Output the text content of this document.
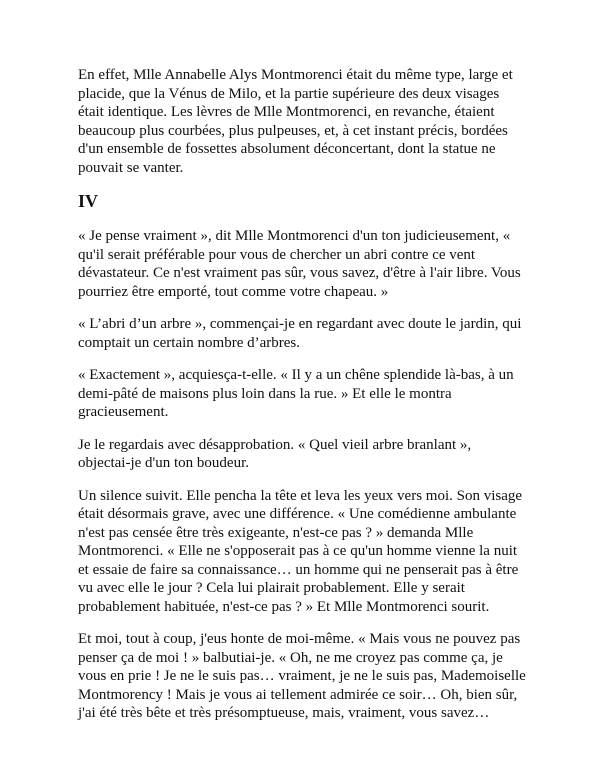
En effet, Mlle Annabelle Alys Montmorenci était du même type, large et placide, que la Vénus de Milo, et la partie supérieure des deux visages était identique. Les lèvres de Mlle Montmorenci, en revanche, étaient beaucoup plus courbées, plus pulpeuses, et, à cet instant précis, bordées d'un ensemble de fossettes absolument déconcertant, dont la statue ne pouvait se vanter.

IV

« Je pense vraiment », dit Mlle Montmorenci d'un ton judicieusement, « qu'il serait préférable pour vous de chercher un abri contre ce vent dévastateur. Ce n'est vraiment pas sûr, vous savez, d'être à l'air libre. Vous pourriez être emporté, tout comme votre chapeau. »

« L’abri d’un arbre », commençai-je en regardant avec doute le jardin, qui comptait un certain nombre d’arbres.

« Exactement », acquiesça-t-elle. « Il y a un chêne splendide là-bas, à un demi-pâté de maisons plus loin dans la rue. » Et elle le montra gracieusement.

Je le regardais avec désapprobation. « Quel vieil arbre branlant », objectai-je d'un ton boudeur.

Un silence suivit. Elle pencha la tête et leva les yeux vers moi. Son visage était désormais grave, avec une différence. « Une comédienne ambulante n'est pas censée être très exigeante, n'est-ce pas ? » demanda Mlle Montmorenci. « Elle ne s'opposerait pas à ce qu'un homme vienne la nuit et essaie de faire sa connaissance… un homme qui ne penserait pas à être vu avec elle le jour ? Cela lui plairait probablement. Elle y serait probablement habituée, n'est-ce pas ? » Et Mlle Montmorenci sourit.

Et moi, tout à coup, j'eus honte de moi-même. « Mais vous ne pouvez pas penser ça de moi ! » balbutiai-je. « Oh, ne me croyez pas comme ça, je vous en prie ! Je ne le suis pas… vraiment, je ne le suis pas, Mademoiselle Montmorency ! Mais je vous ai tellement admirée ce soir… Oh, bien sûr, j'ai été très bête et très présomptueuse, mais, vraiment, vous savez…
